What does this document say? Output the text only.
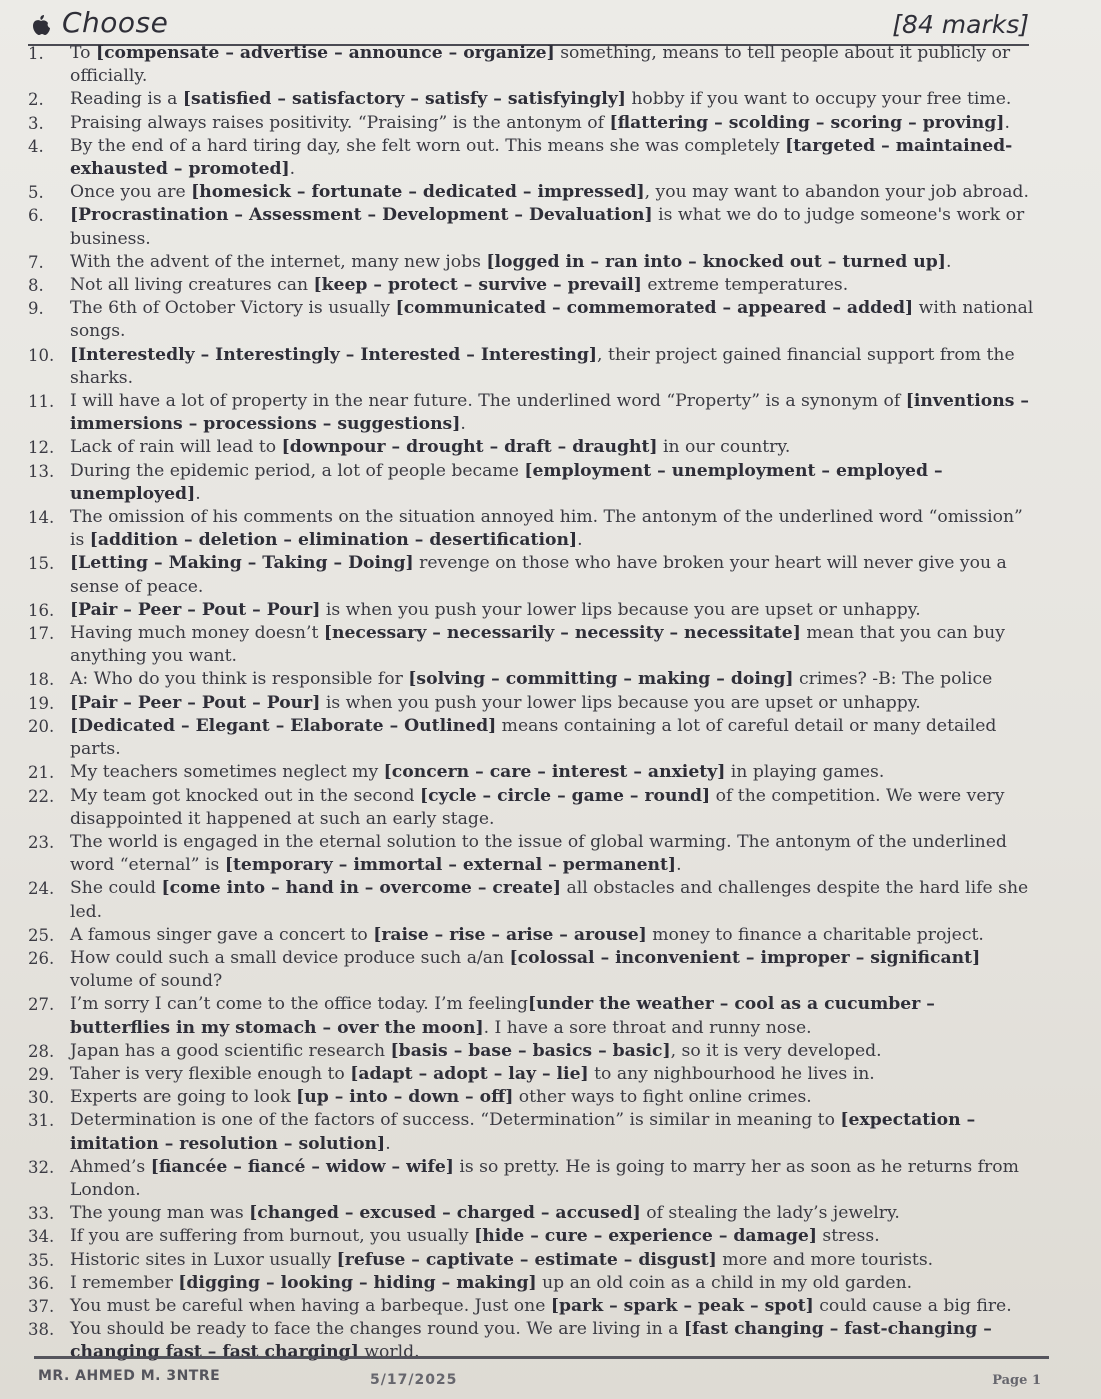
Choose	[84 marks]
1.	To [compensate – advertise – announce – organize] something, means to tell people about it publicly or officially.
2.	Reading is a [satisfied – satisfactory – satisfy – satisfyingly] hobby if you want to occupy your free time.
3.	Praising always raises positivity. “Praising” is the antonym of [flattering – scolding – scoring – proving].
4.	By the end of a hard tiring day, she felt worn out. This means she was completely [targeted – maintained-exhausted – promoted].
5.	Once you are [homesick – fortunate – dedicated – impressed], you may want to abandon your job abroad.
6.	[Procrastination – Assessment – Development – Devaluation] is what we do to judge someone's work or business.
7.	With the advent of the internet, many new jobs [logged in – ran into – knocked out – turned up].
8.	Not all living creatures can [keep – protect – survive – prevail] extreme temperatures.
9.	The 6th of October Victory is usually [communicated – commemorated – appeared – added] with national songs.
10. [Interestedly – Interestingly – Interested – Interesting], their project gained financial support from the sharks.
11. I will have a lot of property in the near future. The underlined word “Property” is a synonym of [inventions – immersions – processions – suggestions].
12. Lack of rain will lead to [downpour – drought – draft – draught] in our country.
13. During the epidemic period, a lot of people became [employment – unemployment – employed – unemployed].
14. The omission of his comments on the situation annoyed him. The antonym of the underlined word “omission” is [addition – deletion – elimination – desertification].
15. [Letting – Making – Taking – Doing] revenge on those who have broken your heart will never give you a sense of peace.
16. [Pair – Peer – Pout – Pour] is when you push your lower lips because you are upset or unhappy.
17. Having much money doesn’t [necessary – necessarily – necessity – necessitate] mean that you can buy anything you want.
18. A: Who do you think is responsible for [solving – committing – making – doing] crimes? -B: The police
19. [Pair – Peer – Pout – Pour] is when you push your lower lips because you are upset or unhappy.
20. [Dedicated – Elegant – Elaborate – Outlined] means containing a lot of careful detail or many detailed parts.
21. My teachers sometimes neglect my [concern – care – interest – anxiety] in playing games.
22. My team got knocked out in the second [cycle – circle – game – round] of the competition. We were very disappointed it happened at such an early stage.
23. The world is engaged in the eternal solution to the issue of global warming. The antonym of the underlined word “eternal” is [temporary – immortal – external – permanent].
24. She could [come into – hand in – overcome – create] all obstacles and challenges despite the hard life she led.
25. A famous singer gave a concert to [raise – rise – arise – arouse] money to finance a charitable project.
26. How could such a small device produce such a/an [colossal – inconvenient – improper – significant] volume of sound?
27. I’m sorry I can’t come to the office today. I’m feeling[under the weather – cool as a cucumber – butterflies in my stomach – over the moon]. I have a sore throat and runny nose.
28. Japan has a good scientific research [basis – base – basics – basic], so it is very developed.
29. Taher is very flexible enough to [adapt – adopt – lay – lie] to any nighbourhood he lives in.
30. Experts are going to look [up – into – down – off] other ways to fight online crimes.
31. Determination is one of the factors of success. “Determination” is similar in meaning to [expectation – imitation – resolution – solution].
32. Ahmed’s [fiancée – fiancé – widow – wife] is so pretty. He is going to marry her as soon as he returns from London.
33. The young man was [changed – excused – charged – accused] of stealing the lady’s jewelry.
34. If you are suffering from burnout, you usually [hide – cure – experience – damage] stress.
35. Historic sites in Luxor usually [refuse – captivate – estimate – disgust] more and more tourists.
36. I remember [digging – looking – hiding – making] up an old coin as a child in my old garden.
37. You must be careful when having a barbeque. Just one [park – spark – peak – spot] could cause a big fire.
38. You should be ready to face the changes round you. We are living in a [fast changing – fast-changing – changing fast – fast charging] world.
MR. AHMED M. 3NTRE	5/17/2025	Page 1
